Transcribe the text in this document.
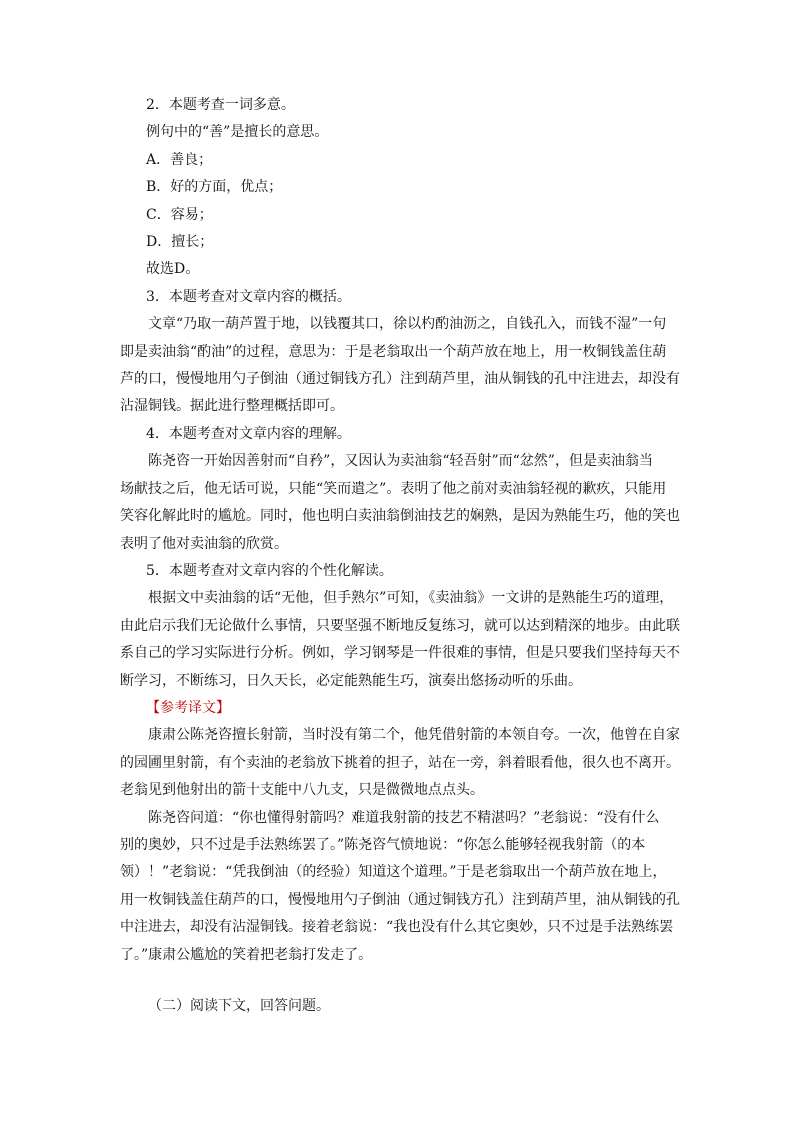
2．本题考查一词多意。

例句中的“善”是擅长的意思。

A．善良；

B．好的方面，优点；

C．容易；

D．擅长；

故选D。

3．本题考查对文章内容的概括。

文章“乃取一葫芦置于地，以钱覆其口，徐以杓酌油沥之，自钱孔入，而钱不湿”一句

即是卖油翁“酌油”的过程，意思为：于是老翁取出一个葫芦放在地上，用一枚铜钱盖住葫

芦的口，慢慢地用勺子倒油（通过铜钱方孔）注到葫芦里，油从铜钱的孔中注进去，却没有

沾湿铜钱。据此进行整理概括即可。

4．本题考查对文章内容的理解。

陈尧咨一开始因善射而“自矜”，又因认为卖油翁“轻吾射”而“忿然”，但是卖油翁当

场献技之后，他无话可说，只能“笑而遣之”。表明了他之前对卖油翁轻视的歉疚，只能用

笑容化解此时的尴尬。同时，他也明白卖油翁倒油技艺的娴熟，是因为熟能生巧，他的笑也

表明了他对卖油翁的欣赏。

5．本题考查对文章内容的个性化解读。

根据文中卖油翁的话“无他，但手熟尔”可知，《卖油翁》一文讲的是熟能生巧的道理，

由此启示我们无论做什么事情，只要坚强不断地反复练习，就可以达到精深的地步。由此联

系自己的学习实际进行分析。例如，学习钢琴是一件很难的事情，但是只要我们坚持每天不

断学习，不断练习，日久天长，必定能熟能生巧，演奏出悠扬动听的乐曲。

【参考译文】

康肃公陈尧咨擅长射箭，当时没有第二个，他凭借射箭的本领自夸。一次，他曾在自家

的园圃里射箭，有个卖油的老翁放下挑着的担子，站在一旁，斜着眼看他，很久也不离开。

老翁见到他射出的箭十支能中八九支，只是微微地点点头。

陈尧咨问道：“你也懂得射箭吗？难道我射箭的技艺不精湛吗？”老翁说：“没有什么

别的奥妙，只不过是手法熟练罢了。”陈尧咨气愤地说：“你怎么能够轻视我射箭（的本

领）！”老翁说：“凭我倒油（的经验）知道这个道理。”于是老翁取出一个葫芦放在地上，

用一枚铜钱盖住葫芦的口，慢慢地用勺子倒油（通过铜钱方孔）注到葫芦里，油从铜钱的孔

中注进去，却没有沾湿铜钱。接着老翁说：“我也没有什么其它奥妙，只不过是手法熟练罢

了。”康肃公尴尬的笑着把老翁打发走了。

（二）阅读下文，回答问题。
